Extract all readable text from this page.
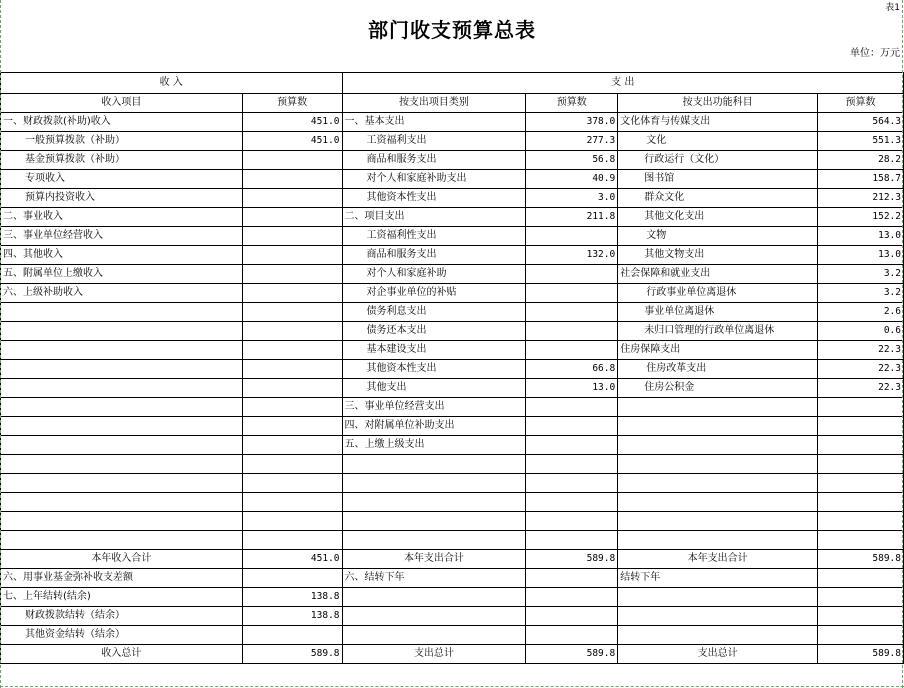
表1
部门收支预算总表
单位：万元
收 入		支 出			
收入项目	预算数	按支出项目类别	预算数	按支出功能科目	预算数
一、财政拨款(补助)收入	451.0	一、基本支出	378.0	文化体育与传媒支出	564.3
一般预算拨款（补助）	451.0	工资福利支出	277.3	文化	551.3
基金预算拨款（补助）		商品和服务支出	56.8	行政运行（文化）	28.2
专项收入		对个人和家庭补助支出	40.9	图书馆	158.7
预算内投资收入		其他资本性支出	3.0	群众文化	212.3
二、事业收入		二、项目支出	211.8	其他文化支出	152.2
三、事业单位经营收入		工资福利性支出		文物	13.0
四、其他收入		商品和服务支出	132.0	其他文物支出	13.0
五、附属单位上缴收入		对个人和家庭补助		社会保障和就业支出	3.2
六、上级补助收入		对企事业单位的补贴		行政事业单位离退休	3.2
		债务利息支出		事业单位离退休	2.6
		债务还本支出		未归口管理的行政单位离退休	0.6
		基本建设支出		住房保障支出	22.3
		其他资本性支出	66.8	住房改革支出	22.3
		其他支出	13.0	住房公积金	22.3
		三、事业单位经营支出			
		四、对附属单位补助支出			
		五、上缴上级支出			

本年收入合计	451.0	本年支出合计	589.8	本年支出合计	589.8
六、用事业基金弥补收支差额		六、结转下年		结转下年	
七、上年结转(结余)	138.8				
财政拨款结转（结余）	138.8				
其他资金结转（结余）					
收入总计	589.8	支出总计	589.8	支出总计	589.8
